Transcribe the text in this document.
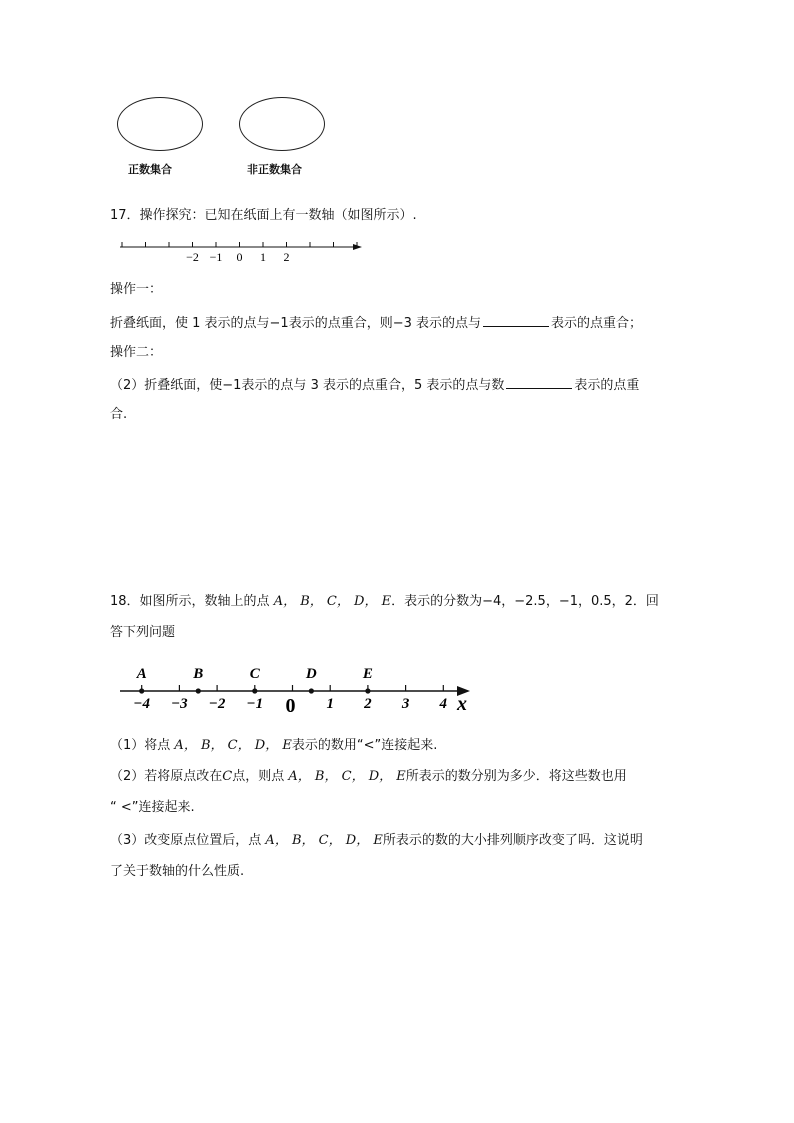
正数集合	非正数集合
17．操作探究：已知在纸面上有一数轴（如图所示）.
−2 −1 0 1 2
操作一：
折叠纸面，使 1 表示的点与−1表示的点重合，则−3 表示的点与	表示的点重合；
操作二：
（2）折叠纸面，使−1表示的点与 3 表示的点重合，5 表示的点与数	表示的点重
合.
18．如图所示，数轴上的点 A， B， C， D， E．表示的分数为−4，−2.5，−1，0.5，2．回
答下列问题
A	B	C	D	E
−4 −3 −2 −1 0 1 2 3 4 x
（1）将点 A， B， C， D， E表示的数用“<”连接起来.
（2）若将原点改在C点，则点 A， B， C， D， E所表示的数分别为多少．将这些数也用
“ <”连接起来.
（3）改变原点位置后，点 A， B， C， D， E所表示的数的大小排列顺序改变了吗．这说明
了关于数轴的什么性质.
